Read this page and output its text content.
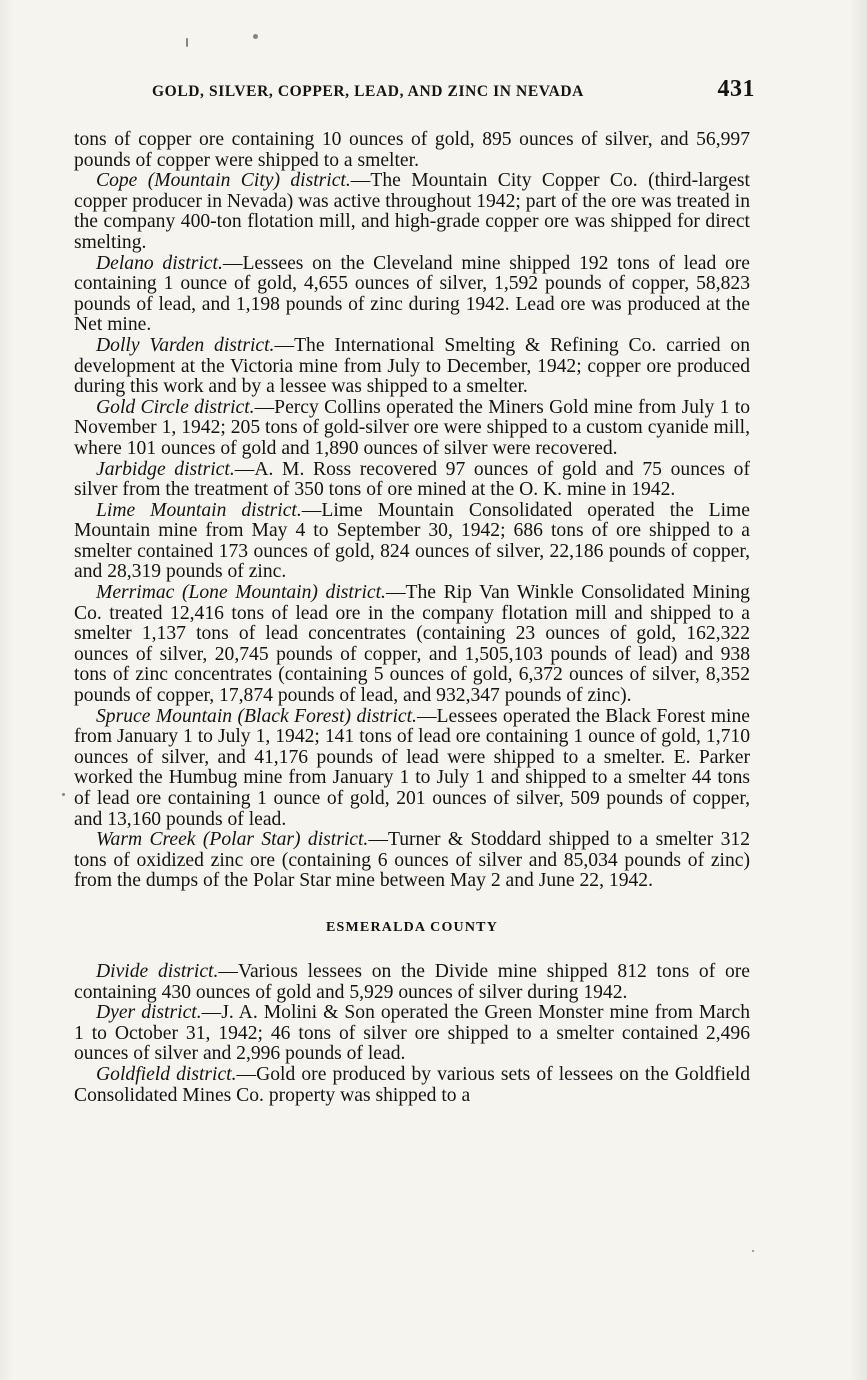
GOLD, SILVER, COPPER, LEAD, AND ZINC IN NEVADA	431

tons of copper ore containing 10 ounces of gold, 895 ounces of silver, and 56,997 pounds of copper were shipped to a smelter.

Cope (Mountain City) district.—The Mountain City Copper Co. (third-largest copper producer in Nevada) was active throughout 1942; part of the ore was treated in the company 400-ton flotation mill, and high-grade copper ore was shipped for direct smelting.

Delano district.—Lessees on the Cleveland mine shipped 192 tons of lead ore containing 1 ounce of gold, 4,655 ounces of silver, 1,592 pounds of copper, 58,823 pounds of lead, and 1,198 pounds of zinc during 1942. Lead ore was produced at the Net mine.

Dolly Varden district.—The International Smelting & Refining Co. carried on development at the Victoria mine from July to December, 1942; copper ore produced during this work and by a lessee was shipped to a smelter.

Gold Circle district.—Percy Collins operated the Miners Gold mine from July 1 to November 1, 1942; 205 tons of gold-silver ore were shipped to a custom cyanide mill, where 101 ounces of gold and 1,890 ounces of silver were recovered.

Jarbidge district.—A. M. Ross recovered 97 ounces of gold and 75 ounces of silver from the treatment of 350 tons of ore mined at the O. K. mine in 1942.

Lime Mountain district.—Lime Mountain Consolidated operated the Lime Mountain mine from May 4 to September 30, 1942; 686 tons of ore shipped to a smelter contained 173 ounces of gold, 824 ounces of silver, 22,186 pounds of copper, and 28,319 pounds of zinc.

Merrimac (Lone Mountain) district.—The Rip Van Winkle Consolidated Mining Co. treated 12,416 tons of lead ore in the company flotation mill and shipped to a smelter 1,137 tons of lead concentrates (containing 23 ounces of gold, 162,322 ounces of silver, 20,745 pounds of copper, and 1,505,103 pounds of lead) and 938 tons of zinc concentrates (containing 5 ounces of gold, 6,372 ounces of silver, 8,352 pounds of copper, 17,874 pounds of lead, and 932,347 pounds of zinc).

Spruce Mountain (Black Forest) district.—Lessees operated the Black Forest mine from January 1 to July 1, 1942; 141 tons of lead ore containing 1 ounce of gold, 1,710 ounces of silver, and 41,176 pounds of lead were shipped to a smelter. E. Parker worked the Humbug mine from January 1 to July 1 and shipped to a smelter 44 tons of lead ore containing 1 ounce of gold, 201 ounces of silver, 509 pounds of copper, and 13,160 pounds of lead.

Warm Creek (Polar Star) district.—Turner & Stoddard shipped to a smelter 312 tons of oxidized zinc ore (containing 6 ounces of silver and 85,034 pounds of zinc) from the dumps of the Polar Star mine between May 2 and June 22, 1942.

ESMERALDA COUNTY

Divide district.—Various lessees on the Divide mine shipped 812 tons of ore containing 430 ounces of gold and 5,929 ounces of silver during 1942.

Dyer district.—J. A. Molini & Son operated the Green Monster mine from March 1 to October 31, 1942; 46 tons of silver ore shipped to a smelter contained 2,496 ounces of silver and 2,996 pounds of lead.

Goldfield district.—Gold ore produced by various sets of lessees on the Goldfield Consolidated Mines Co. property was shipped to a
